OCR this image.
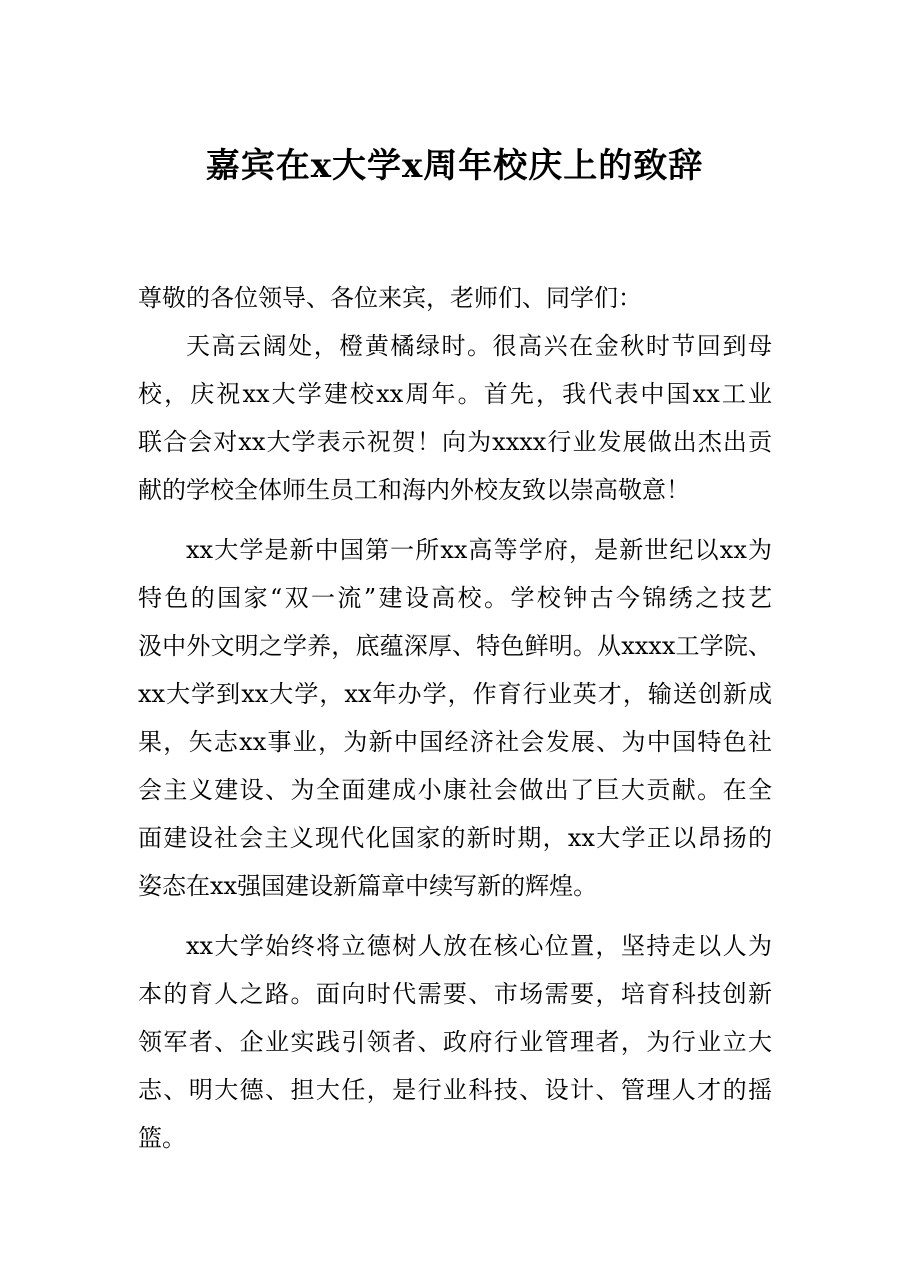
嘉宾在x大学x周年校庆上的致辞
尊敬的各位领导、各位来宾，老师们、同学们：
天高云阔处，橙黄橘绿时。很高兴在金秋时节回到母
校，庆祝xx大学建校xx周年。首先，我代表中国xx工业
联合会对xx大学表示祝贺！向为xxxx行业发展做出杰出贡
献的学校全体师生员工和海内外校友致以崇高敬意！
xx大学是新中国第一所xx高等学府，是新世纪以xx为
特色的国家“双一流”建设高校。学校钟古今锦绣之技艺
汲中外文明之学养，底蕴深厚、特色鲜明。从xxxx工学院、
xx大学到xx大学，xx年办学，作育行业英才，输送创新成
果，矢志xx事业，为新中国经济社会发展、为中国特色社
会主义建设、为全面建成小康社会做出了巨大贡献。在全
面建设社会主义现代化国家的新时期，xx大学正以昂扬的
姿态在xx强国建设新篇章中续写新的辉煌。
xx大学始终将立德树人放在核心位置，坚持走以人为
本的育人之路。面向时代需要、市场需要，培育科技创新
领军者、企业实践引领者、政府行业管理者，为行业立大
志、明大德、担大任，是行业科技、设计、管理人才的摇
篮。
